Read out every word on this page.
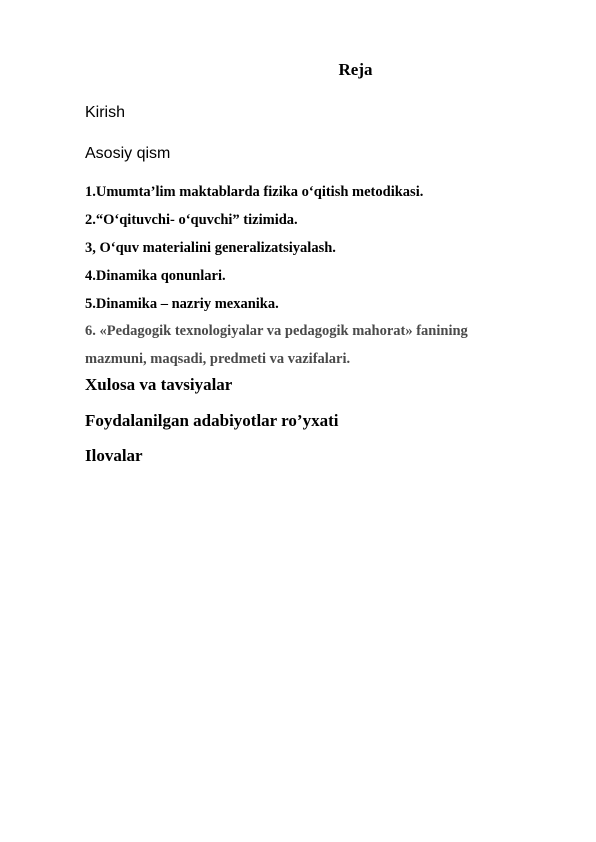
Reja
Kirish
Asosiy qism
1.Umumta’lim maktablarda fizika o‘qitish metodikasi.
2.“O‘qituvchi- o‘quvchi” tizimida.
3, O‘quv materialini generalizatsiyalash.
4.Dinamika qonunlari.
5.Dinamika – nazriy mexanika.
6. «Pedagogik texnologiyalar va pedagogik mahorat» fanining
mazmuni, maqsadi, predmeti va vazifalari.
Xulosa va tavsiyalar
Foydalanilgan adabiyotlar ro’yxati
Ilovalar
